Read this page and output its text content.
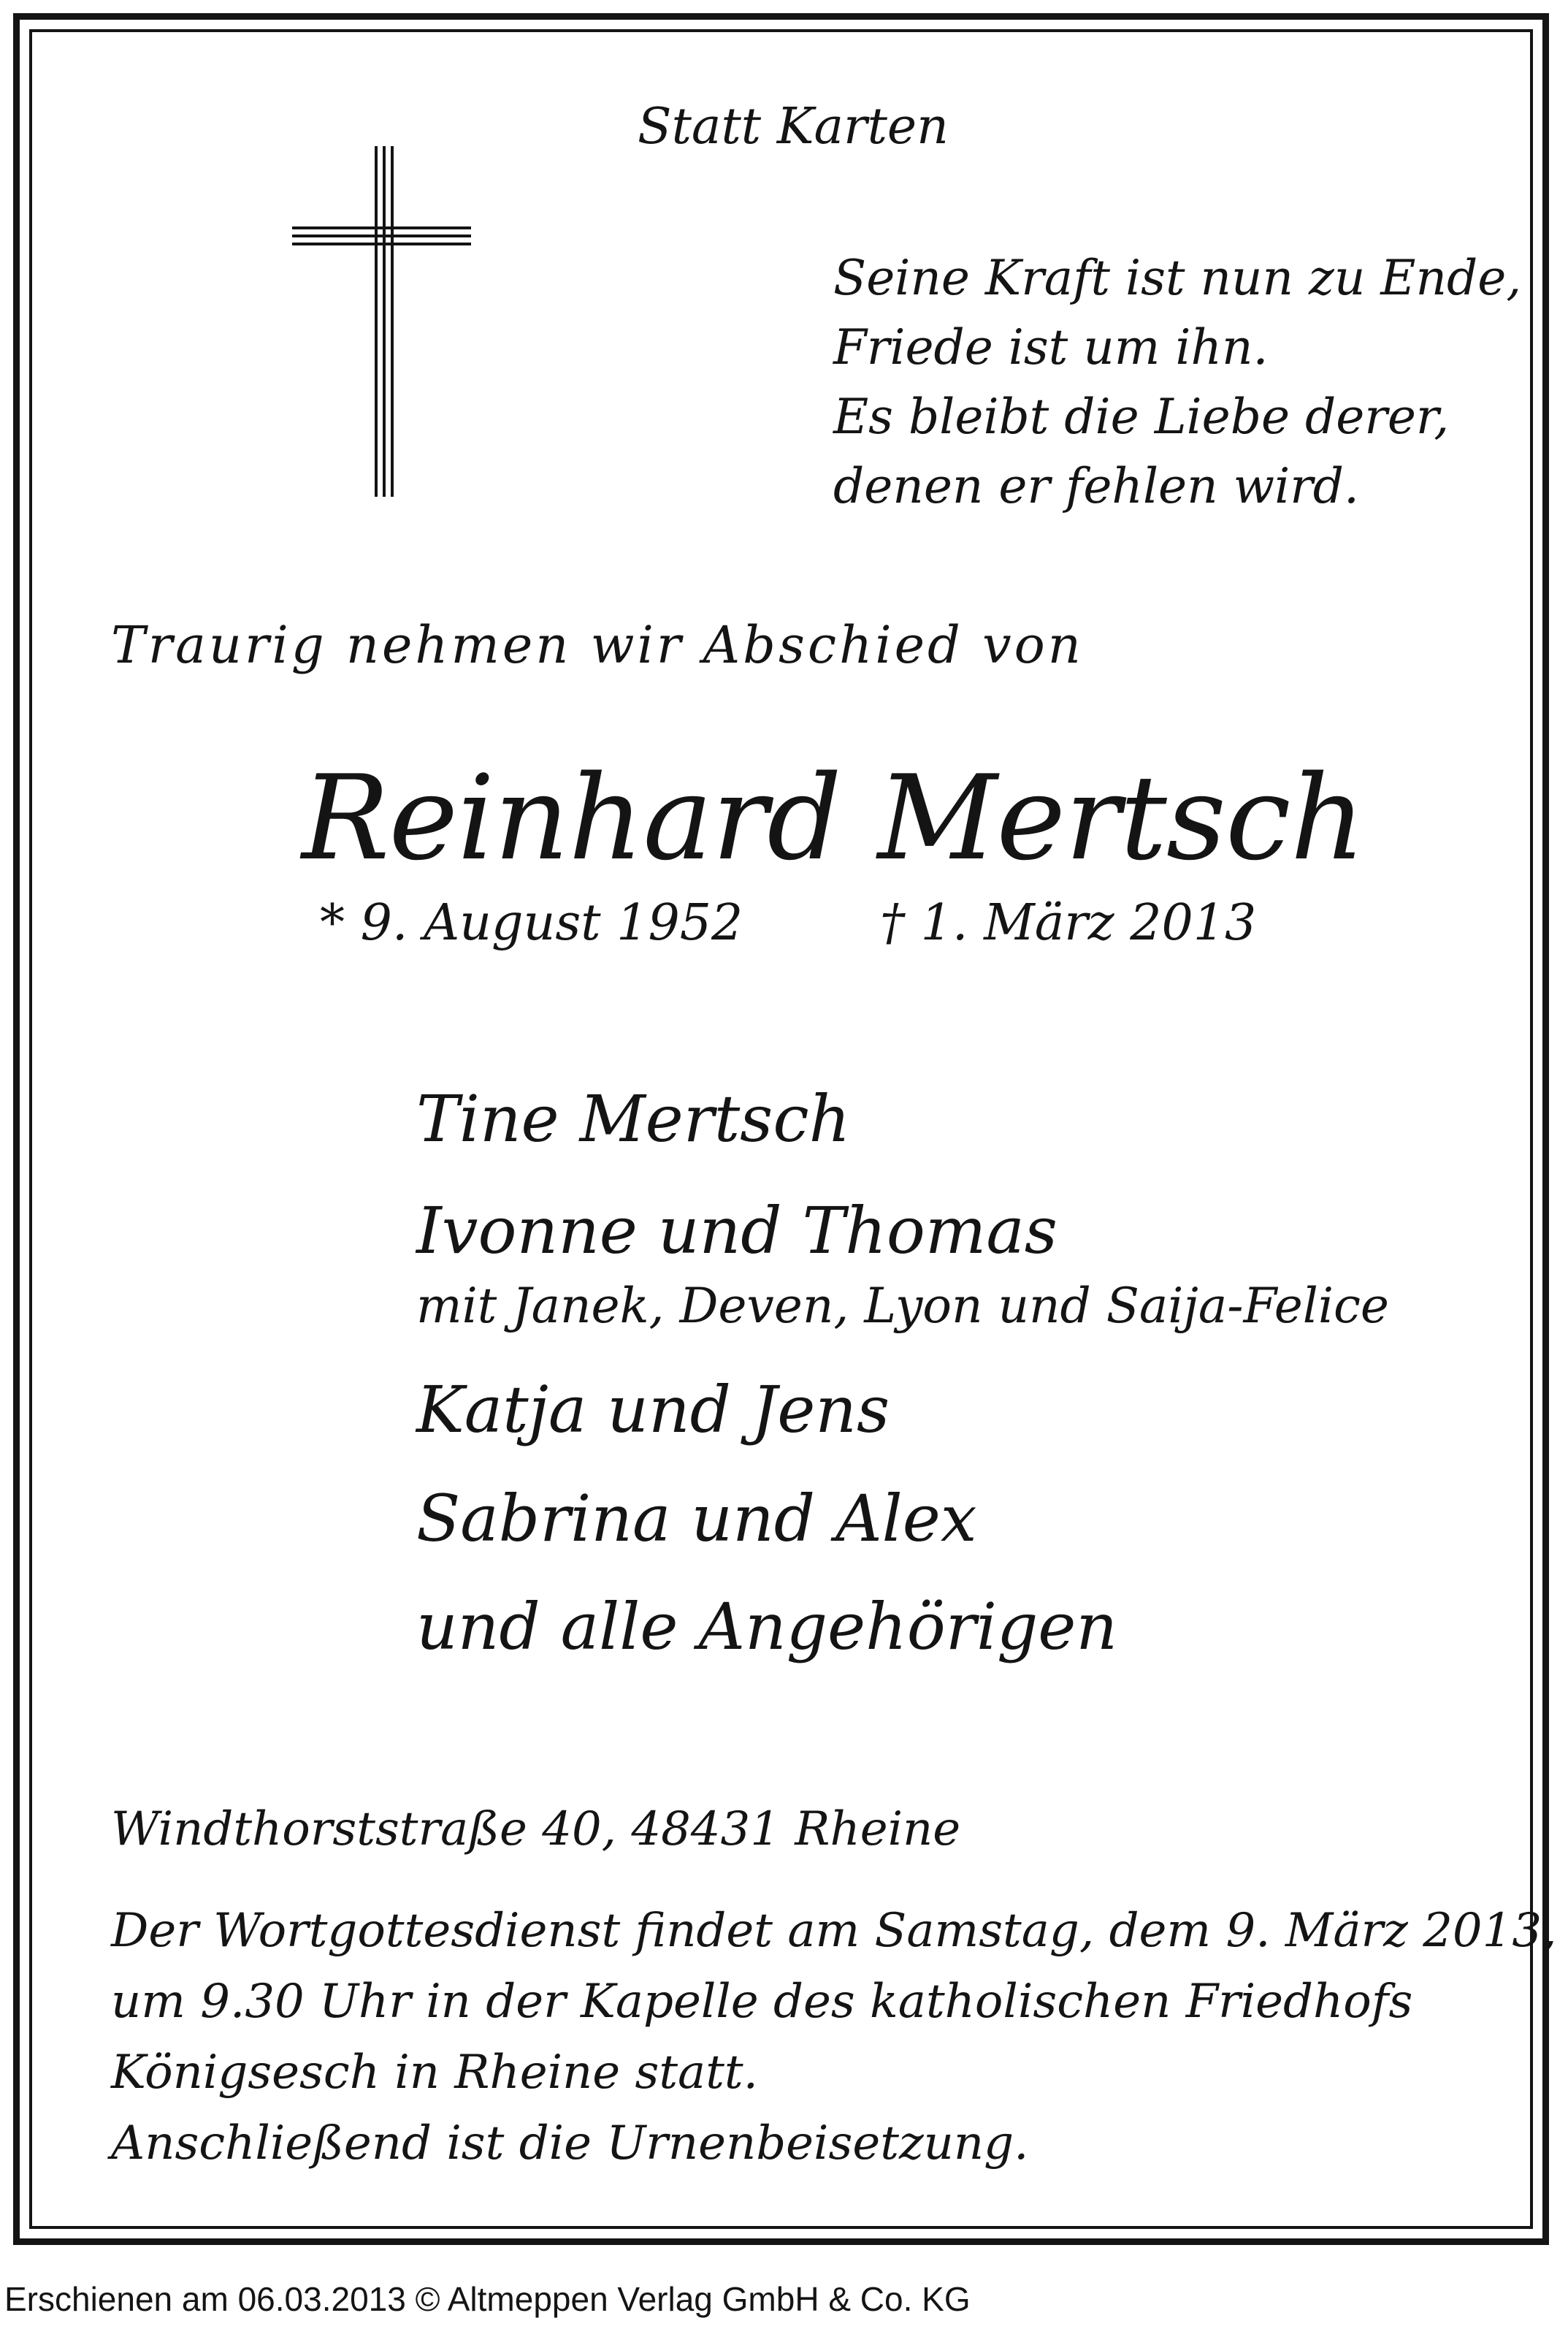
Statt Karten
Seine Kraft ist nun zu Ende,
Friede ist um ihn.
Es bleibt die Liebe derer,
denen er fehlen wird.
Traurig nehmen wir Abschied von
Reinhard Mertsch
* 9. August 1952	† 1. März 2013
Tine Mertsch
Ivonne und Thomas
mit Janek, Deven, Lyon und Saija-Felice
Katja und Jens
Sabrina und Alex
und alle Angehörigen
Windthorststraße 40, 48431 Rheine
Der Wortgottesdienst findet am Samstag, dem 9. März 2013,
um 9.30 Uhr in der Kapelle des katholischen Friedhofs
Königsesch in Rheine statt.
Anschließend ist die Urnenbeisetzung.
Erschienen am 06.03.2013 © Altmeppen Verlag GmbH & Co. KG
